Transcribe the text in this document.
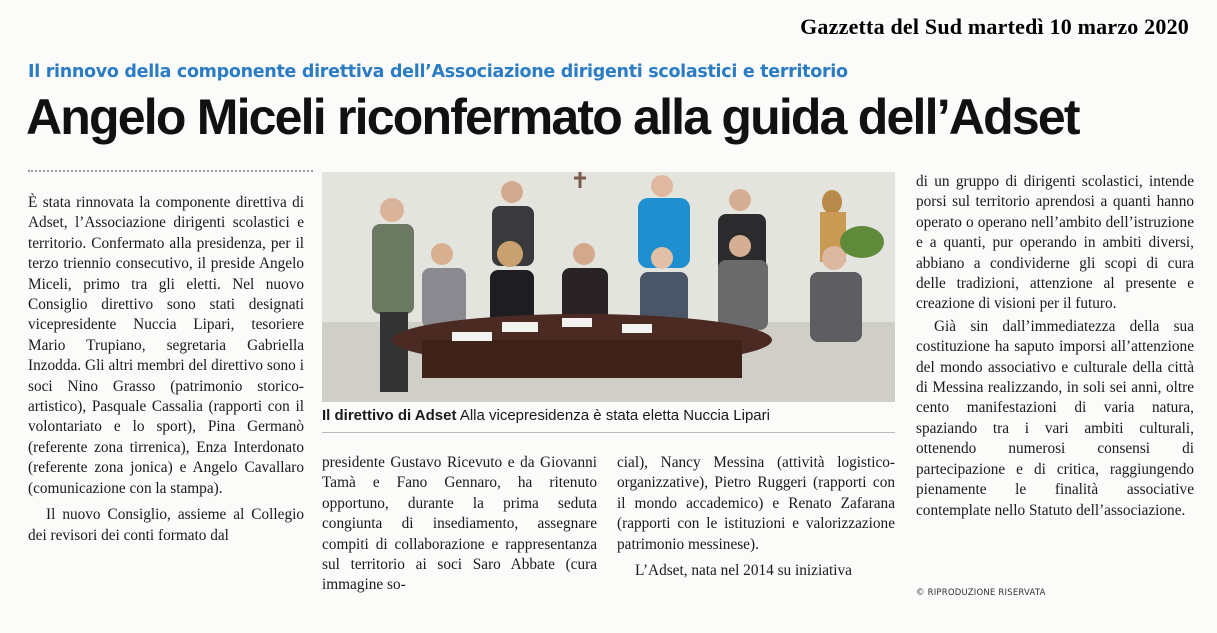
Gazzetta del Sud martedì 10 marzo 2020
Il rinnovo della componente direttiva dell’Associazione dirigenti scolastici e territorio
Angelo Miceli riconfermato alla guida dell’Adset

È stata rinnovata la componente direttiva di Adset, l’Associazione dirigenti scolastici e territorio. Confermato alla presidenza, per il terzo triennio consecutivo, il preside Angelo Miceli, primo tra gli eletti. Nel nuovo Consiglio direttivo sono stati designati vicepresidente Nuccia Lipari, tesoriere Mario Trupiano, segretaria Gabriella Inzodda. Gli altri membri del direttivo sono i soci Nino Grasso (patrimonio storico-artistico), Pasquale Cassalia (rapporti con il volontariato e lo sport), Pina Germanò (referente zona tirrenica), Enza Interdonato (referente zona jonica) e Angelo Cavallaro (comunicazione con la stampa).

Il nuovo Consiglio, assieme al Collegio dei revisori dei conti formato dal

Il direttivo di Adset Alla vicepresidenza è stata eletta Nuccia Lipari

presidente Gustavo Ricevuto e da Giovanni Tamà e Fano Gennaro, ha ritenuto opportuno, durante la prima seduta congiunta di insediamento, assegnare compiti di collaborazione e rappresentanza sul territorio ai soci Saro Abbate (cura immagine so-

cial), Nancy Messina (attività logistico-organizzative), Pietro Ruggeri (rapporti con il mondo accademico) e Renato Zafarana (rapporti con le istituzioni e valorizzazione patrimonio messinese).

L’Adset, nata nel 2014 su iniziativa

di un gruppo di dirigenti scolastici, intende porsi sul territorio aprendosi a quanti hanno operato o operano nell’ambito dell’istruzione e a quanti, pur operando in ambiti diversi, abbiano a condividerne gli scopi di cura delle tradizioni, attenzione al presente e creazione di visioni per il futuro.

Già sin dall’immediatezza della sua costituzione ha saputo imporsi all’attenzione del mondo associativo e culturale della città di Messina realizzando, in soli sei anni, oltre cento manifestazioni di varia natura, spaziando tra i vari ambiti culturali, ottenendo numerosi consensi di partecipazione e di critica, raggiungendo pienamente le finalità associative contemplate nello Statuto dell’associazione.

© RIPRODUZIONE RISERVATA
